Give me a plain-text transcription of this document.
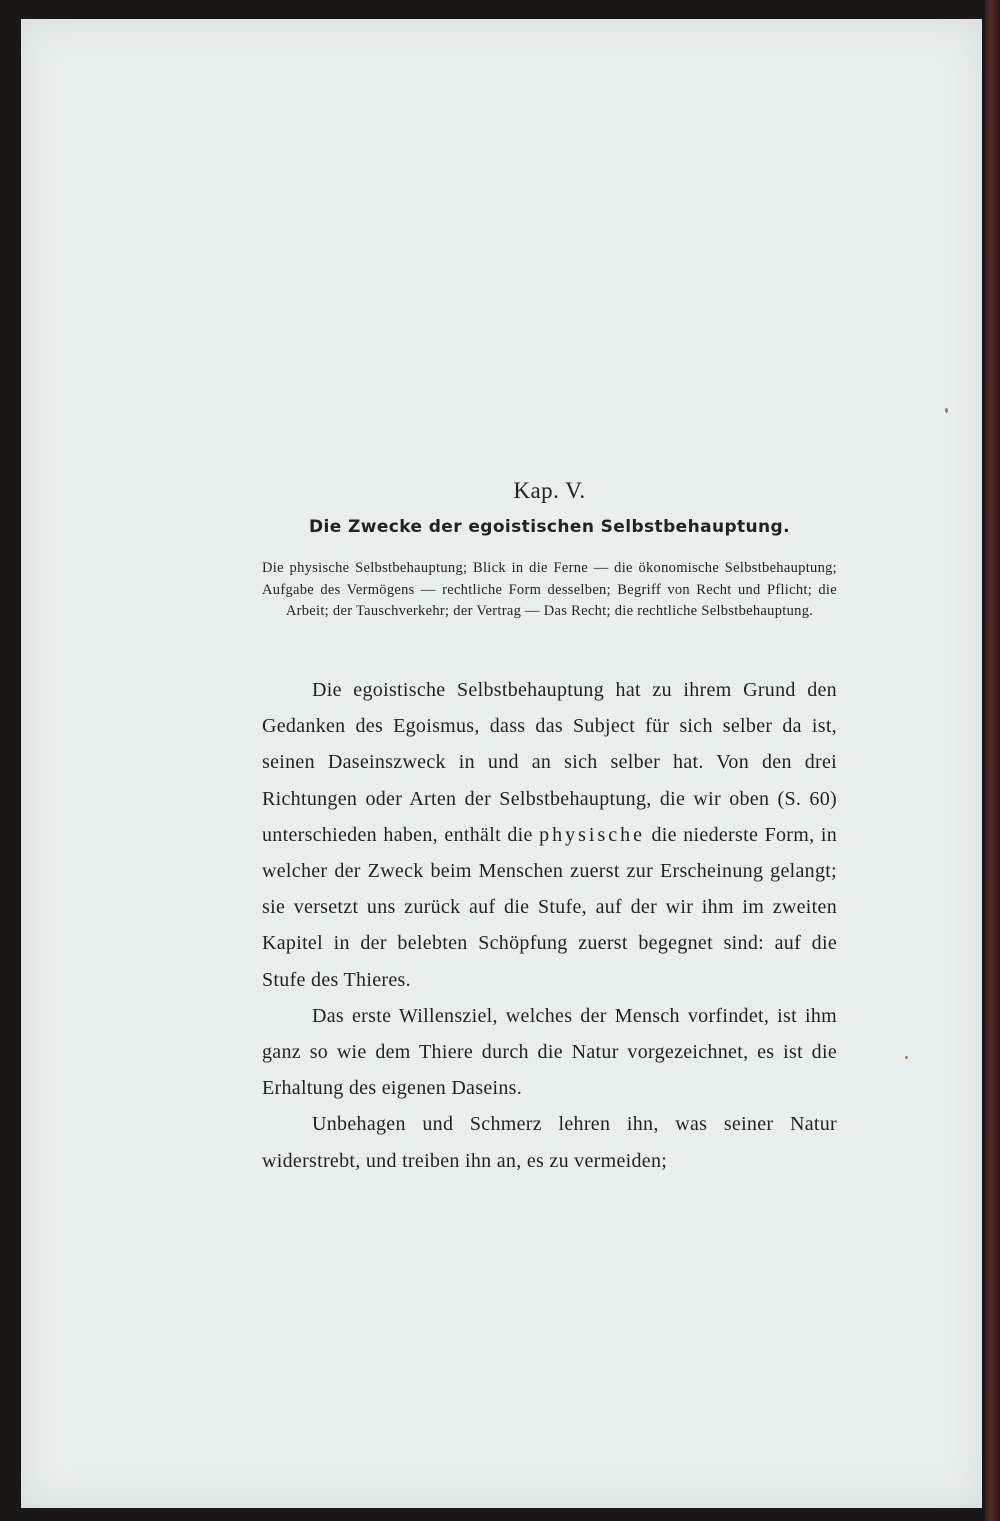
Kap. V.
Die Zwecke der egoistischen Selbstbehauptung.

Die physische Selbstbehauptung; Blick in die Ferne — die ökonomische Selbstbehauptung; Aufgabe des Vermögens — rechtliche Form desselben; Begriff von Recht und Pflicht; die Arbeit; der Tauschverkehr; der Vertrag — Das Recht; die rechtliche Selbstbehauptung.

Die egoistische Selbstbehauptung hat zu ihrem Grund den Gedanken des Egoismus, dass das Subject für sich selber da ist, seinen Daseinszweck in und an sich selber hat. Von den drei Richtungen oder Arten der Selbstbehauptung, die wir oben (S. 60) unterschieden haben, enthält die physische die niederste Form, in welcher der Zweck beim Menschen zuerst zur Erscheinung gelangt; sie versetzt uns zurück auf die Stufe, auf der wir ihm im zweiten Kapitel in der belebten Schöpfung zuerst begegnet sind: auf die Stufe des Thieres.

Das erste Willensziel, welches der Mensch vorfindet, ist ihm ganz so wie dem Thiere durch die Natur vorgezeichnet, es ist die Erhaltung des eigenen Daseins.

Unbehagen und Schmerz lehren ihn, was seiner Natur widerstrebt, und treiben ihn an, es zu vermeiden;
